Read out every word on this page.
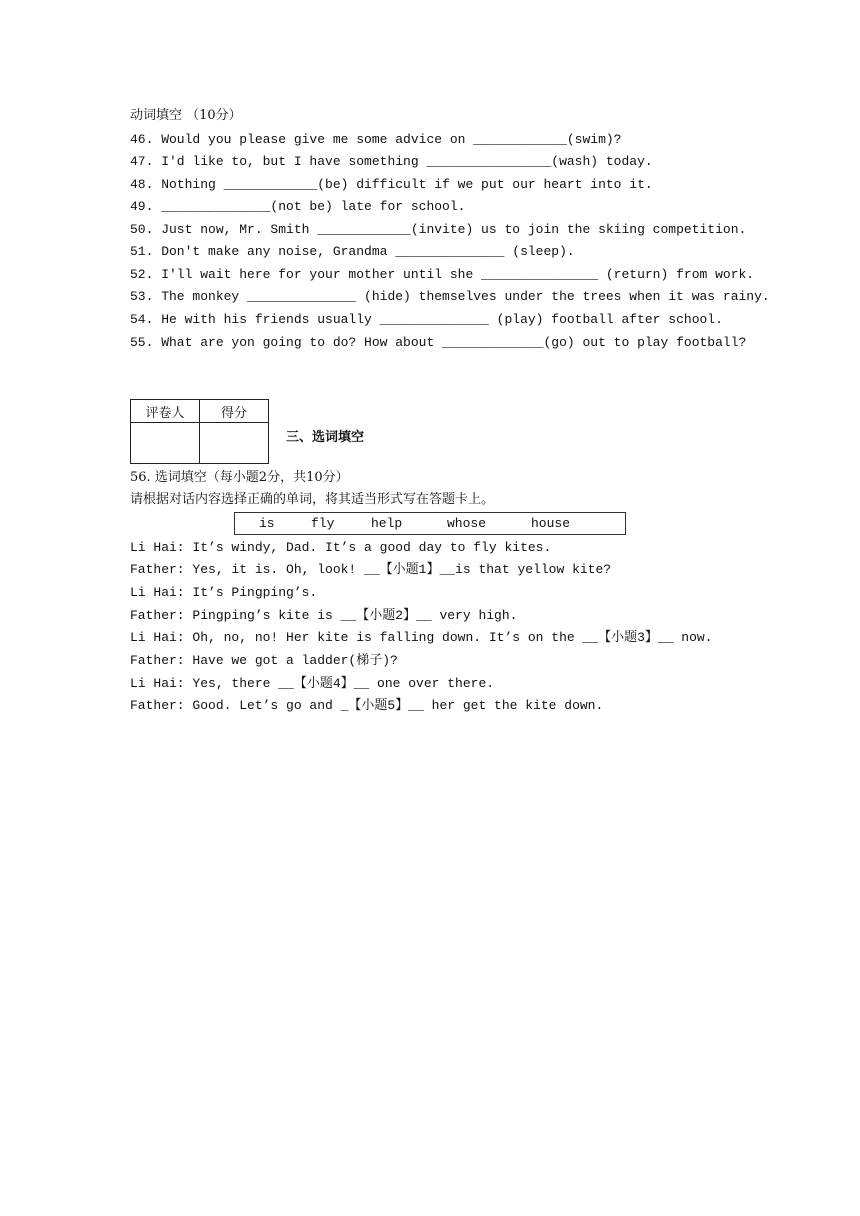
动词填空 （10分）
46. Would you please give me some advice on ____________(swim)?
47. I'd like to, but I have something ________________(wash) today.
48. Nothing ____________(be) difficult if we put our heart into it.
49. ______________(not be) late for school.
50. Just now, Mr. Smith ____________(invite) us to join the skiing competition.
51. Don't make any noise, Grandma ______________ (sleep).
52. I'll wait here for your mother until she _______________ (return) from work.
53. The monkey ______________ (hide) themselves under the trees when it was rainy.
54. He with his friends usually ______________ (play) football after school.
55. What are yon going to do? How about _____________(go) out to play football?
评卷人	得分

三、选词填空
56. 选词填空（每小题2分，共10分）
请根据对话内容选择正确的单词，将其适当形式写在答题卡上。
is	fly	help	whose	house
Li Hai: It’s windy, Dad. It’s a good day to fly kites.
Father: Yes, it is. Oh, look! __【小题1】__is that yellow kite?
Li Hai: It’s Pingping’s.
Father: Pingping’s kite is __【小题2】__ very high.
Li Hai: Oh, no, no! Her kite is falling down. It’s on the __【小题3】__ now.
Father: Have we got a ladder(梯子)?
Li Hai: Yes, there __【小题4】__ one over there.
Father: Good. Let’s go and _【小题5】__ her get the kite down.
